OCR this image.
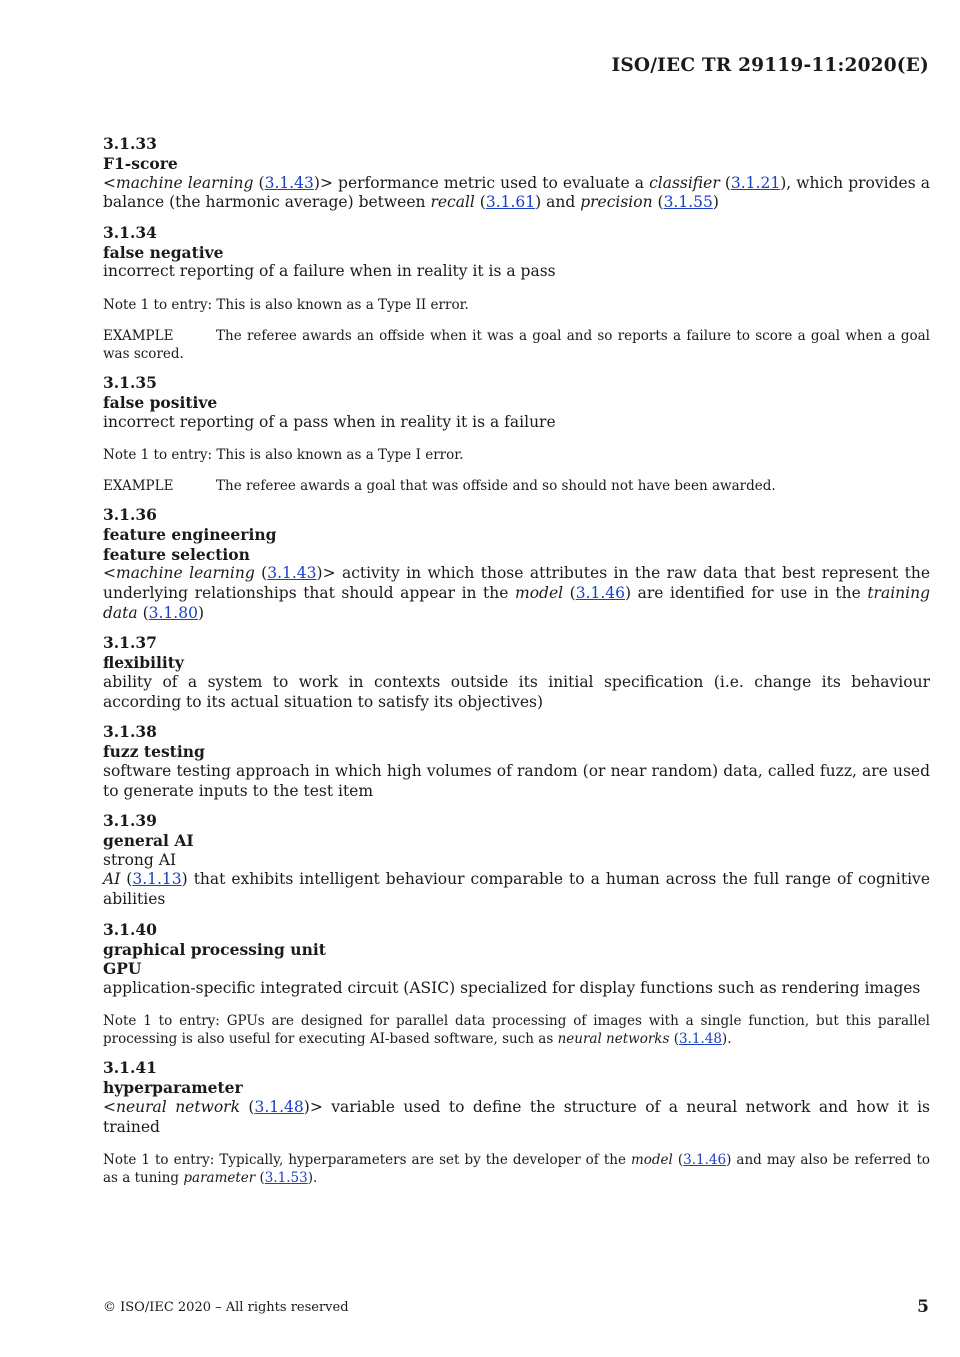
ISO/IEC TR 29119-11:2020(E)
3.1.33
F1-score
<machine learning (3.1.43)> performance metric used to evaluate a classifier (3.1.21), which provides a balance (the harmonic average) between recall (3.1.61) and precision (3.1.55)
3.1.34
false negative
incorrect reporting of a failure when in reality it is a pass
Note 1 to entry: This is also known as a Type II error.
EXAMPLE	The referee awards an offside when it was a goal and so reports a failure to score a goal when a goal was scored.
3.1.35
false positive
incorrect reporting of a pass when in reality it is a failure
Note 1 to entry: This is also known as a Type I error.
EXAMPLE	The referee awards a goal that was offside and so should not have been awarded.
3.1.36
feature engineering
feature selection
<machine learning (3.1.43)> activity in which those attributes in the raw data that best represent the underlying relationships that should appear in the model (3.1.46) are identified for use in the training data (3.1.80)
3.1.37
flexibility
ability of a system to work in contexts outside its initial specification (i.e. change its behaviour according to its actual situation to satisfy its objectives)
3.1.38
fuzz testing
software testing approach in which high volumes of random (or near random) data, called fuzz, are used to generate inputs to the test item
3.1.39
general AI
strong AI
AI (3.1.13) that exhibits intelligent behaviour comparable to a human across the full range of cognitive abilities
3.1.40
graphical processing unit
GPU
application-specific integrated circuit (ASIC) specialized for display functions such as rendering images
Note 1 to entry: GPUs are designed for parallel data processing of images with a single function, but this parallel processing is also useful for executing AI-based software, such as neural networks (3.1.48).
3.1.41
hyperparameter
<neural network (3.1.48)> variable used to define the structure of a neural network and how it is trained
Note 1 to entry: Typically, hyperparameters are set by the developer of the model (3.1.46) and may also be referred to as a tuning parameter (3.1.53).
© ISO/IEC 2020 – All rights reserved	5
